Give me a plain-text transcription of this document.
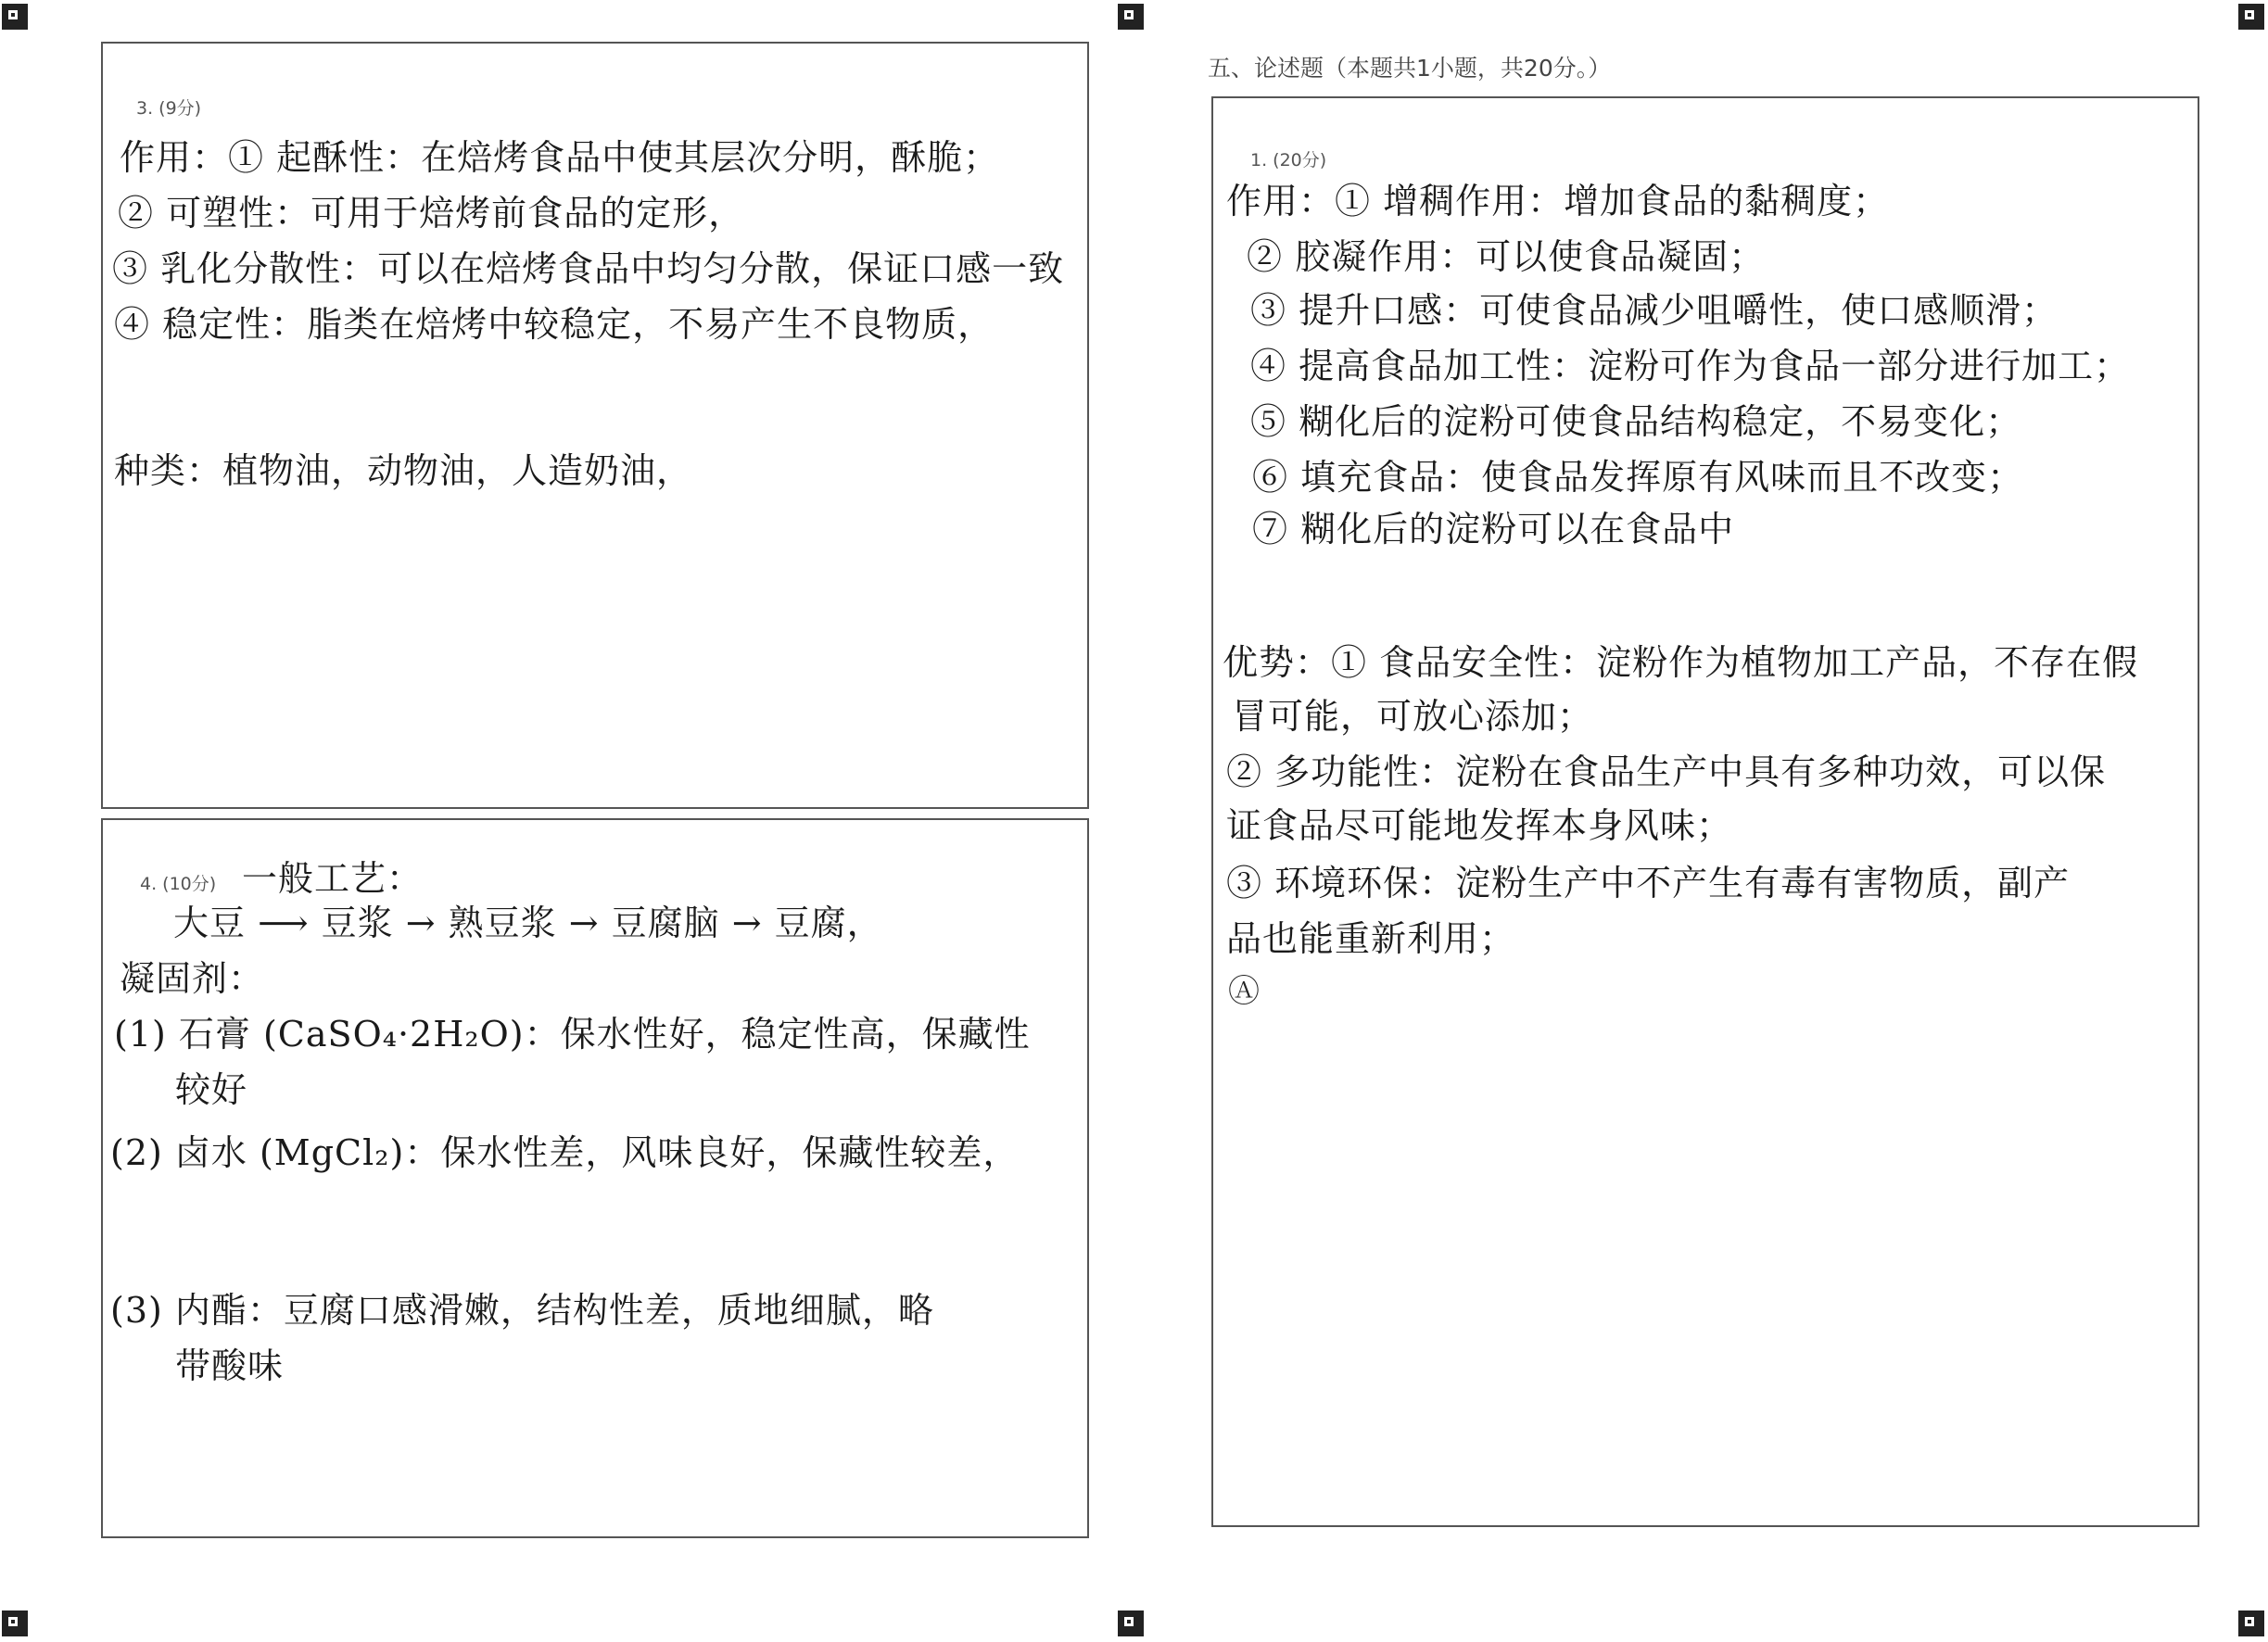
五、论述题（本题共1小题，共20分。）
3. (9分)
作用：① 起酥性：在焙烤食品中使其层次分明，酥脆；
② 可塑性：可用于焙烤前食品的定形，
③ 乳化分散性：可以在焙烤食品中均匀分散，保证口感一致
④ 稳定性：脂类在焙烤中较稳定，不易产生不良物质，
种类：植物油，动物油，人造奶油，
4. (10分) 一般工艺：
大豆 ⟶ 豆浆 → 熟豆浆 → 豆腐脑 → 豆腐，
凝固剂：
(1) 石膏 (CaSO₄·2H₂O)：保水性好，稳定性高，保藏性
较好
(2) 卤水 (MgCl₂)：保水性差，风味良好，保藏性较差，
(3) 内酯：豆腐口感滑嫩，结构性差，质地细腻，略
带酸味
1. (20分)
作用：① 增稠作用：增加食品的黏稠度；
② 胶凝作用：可以使食品凝固；
③ 提升口感：可使食品减少咀嚼性，使口感顺滑；
④ 提高食品加工性：淀粉可作为食品一部分进行加工；
⑤ 糊化后的淀粉可使食品结构稳定，不易变化；
⑥ 填充食品：使食品发挥原有风味而且不改变；
⑦ 糊化后的淀粉可以在食品中
优势：① 食品安全性：淀粉作为植物加工产品，不存在假
冒可能，可放心添加；
② 多功能性：淀粉在食品生产中具有多种功效，可以保
证食品尽可能地发挥本身风味；
③ 环境环保：淀粉生产中不产生有毒有害物质，副产
品也能重新利用；
Ⓐ
